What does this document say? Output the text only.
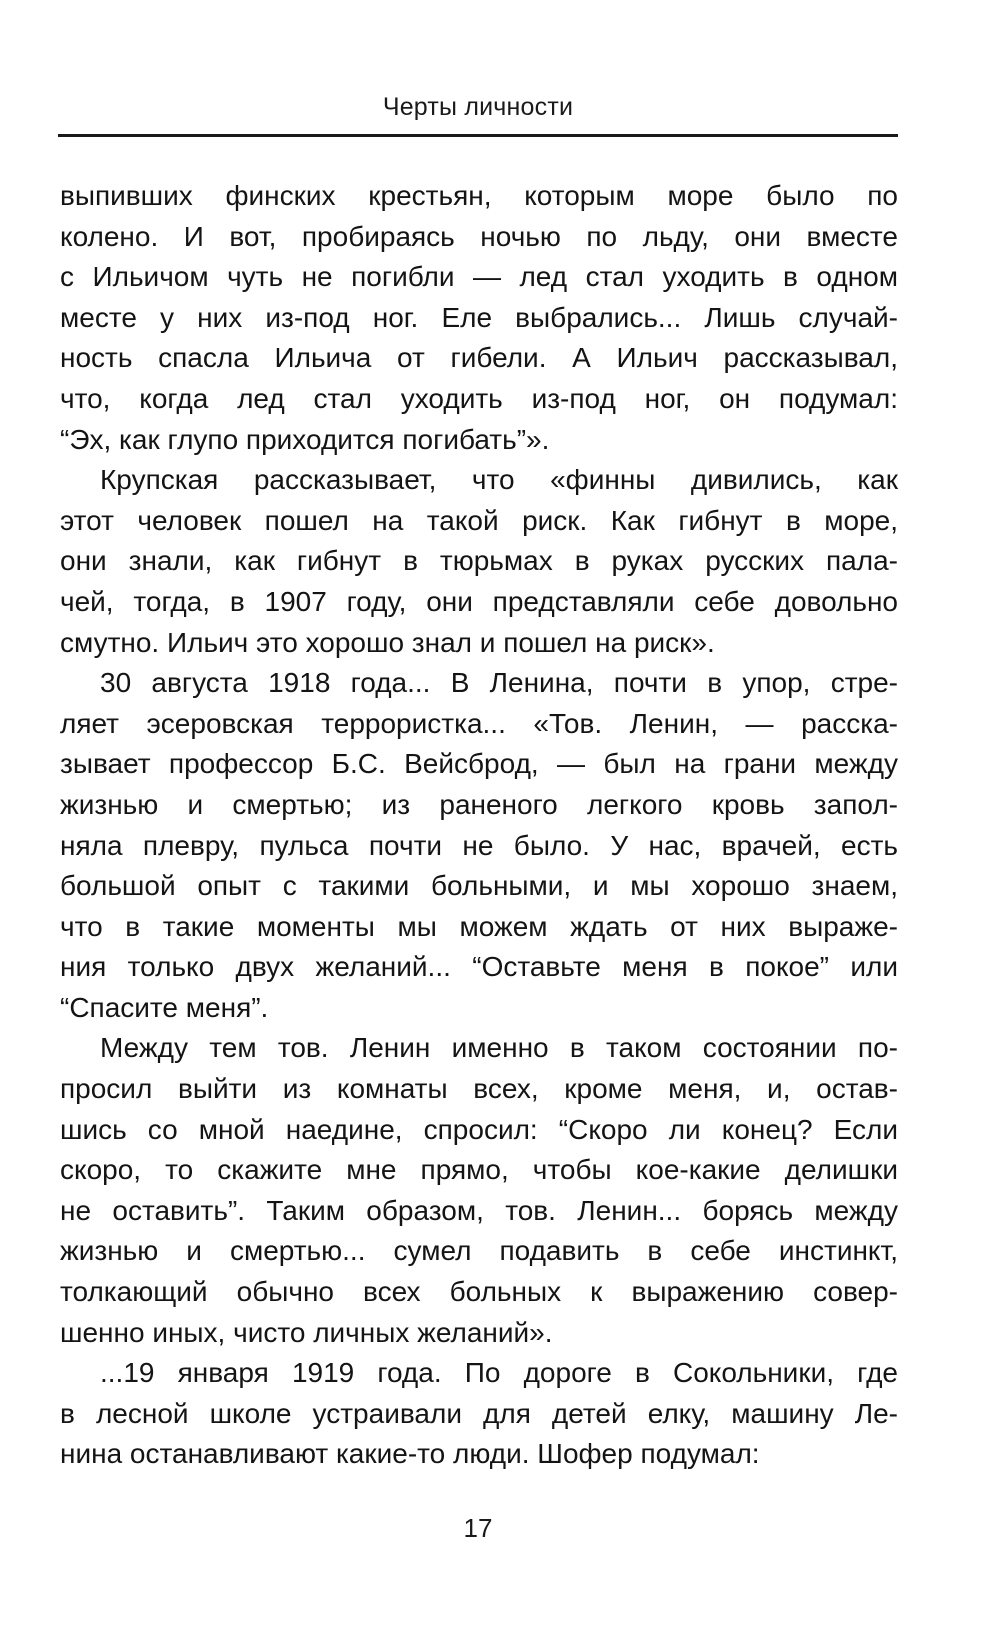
Черты личности

выпивших финских крестьян, которым море было по
колено. И вот, пробираясь ночью по льду, они вместе
с Ильичом чуть не погибли — лед стал уходить в одном
месте у них из-под ног. Еле выбрались... Лишь случай-
ность спасла Ильича от гибели. А Ильич рассказывал,
что, когда лед стал уходить из-под ног, он подумал:
“Эх, как глупо приходится погибать”».

Крупская рассказывает, что «финны дивились, как
этот человек пошел на такой риск. Как гибнут в море,
они знали, как гибнут в тюрьмах в руках русских пала-
чей, тогда, в 1907 году, они представляли себе довольно
смутно. Ильич это хорошо знал и пошел на риск».

30 августа 1918 года... В Ленина, почти в упор, стре-
ляет эсеровская террористка... «Тов. Ленин, — расска-
зывает профессор Б.С. Вейсброд, — был на грани между
жизнью и смертью; из раненого легкого кровь запол-
няла плевру, пульса почти не было. У нас, врачей, есть
большой опыт с такими больными, и мы хорошо знаем,
что в такие моменты мы можем ждать от них выраже-
ния только двух желаний... “Оставьте меня в покое” или
“Спасите меня”.

Между тем тов. Ленин именно в таком состоянии по-
просил выйти из комнаты всех, кроме меня, и, остав-
шись со мной наедине, спросил: “Скоро ли конец? Если
скоро, то скажите мне прямо, чтобы кое-какие делишки
не оставить”. Таким образом, тов. Ленин... борясь между
жизнью и смертью... сумел подавить в себе инстинкт,
толкающий обычно всех больных к выражению совер-
шенно иных, чисто личных желаний».

...19 января 1919 года. По дороге в Сокольники, где
в лесной школе устраивали для детей елку, машину Ле-
нина останавливают какие-то люди. Шофер подумал:

17
